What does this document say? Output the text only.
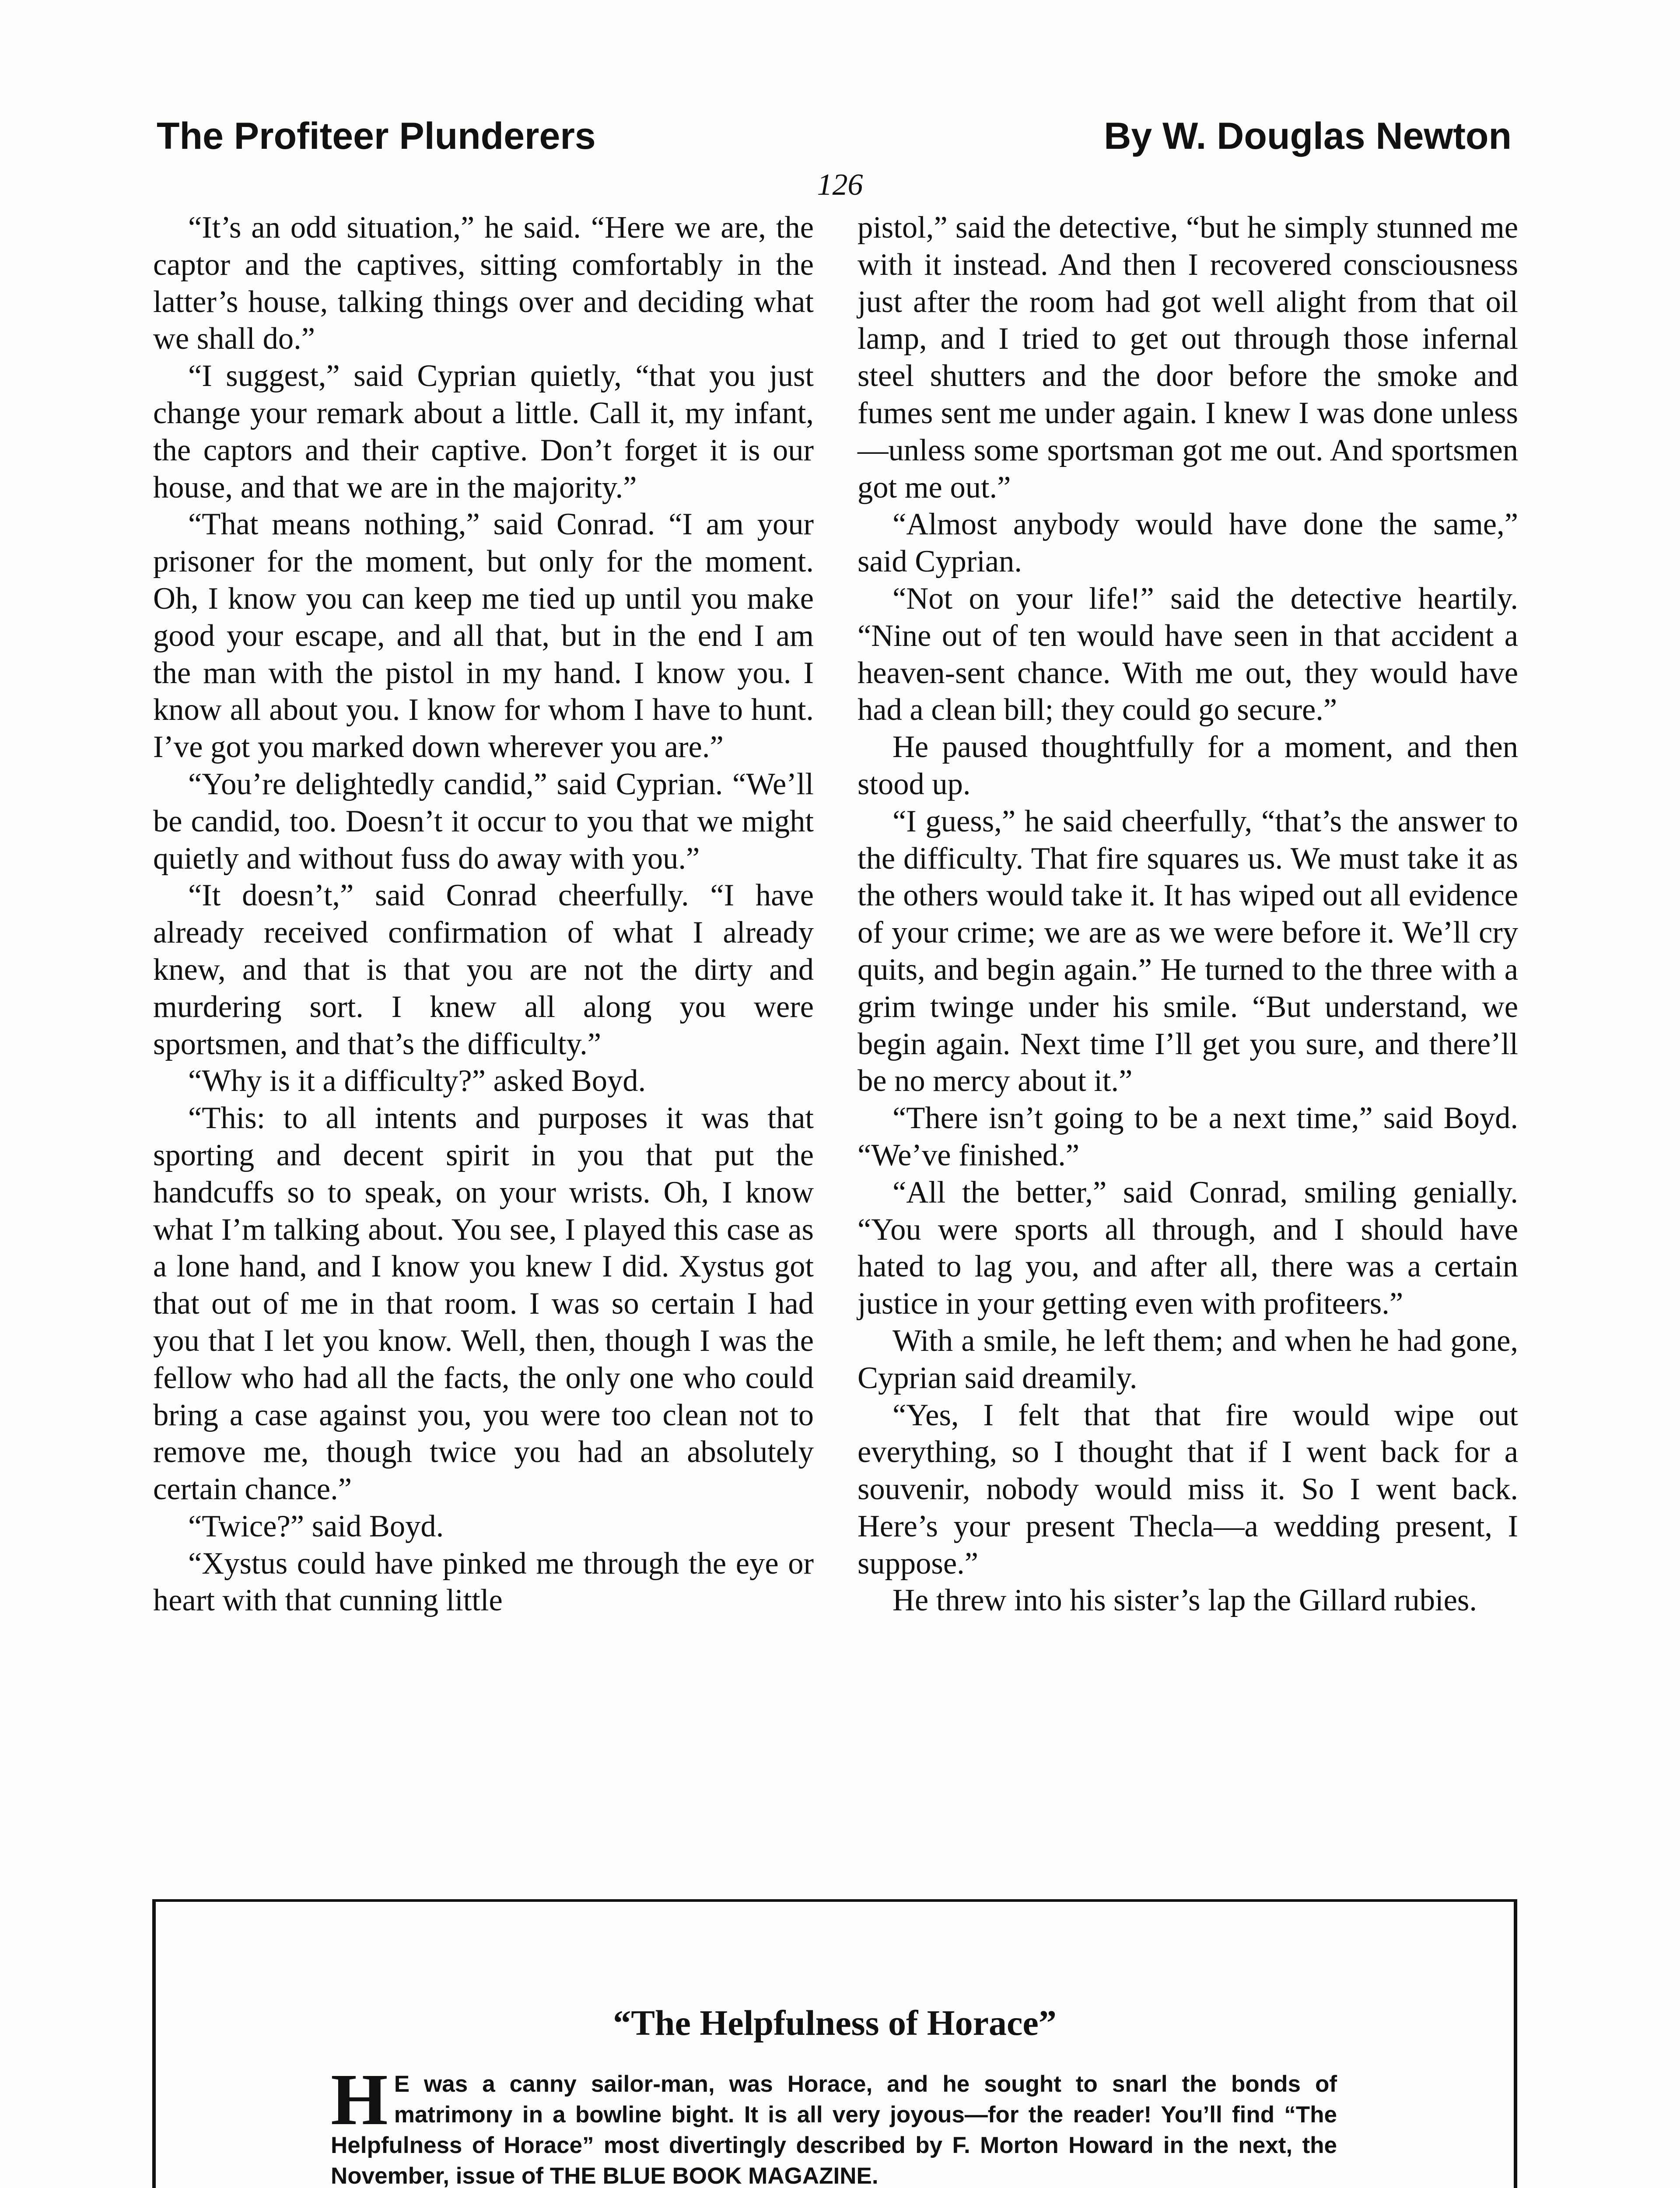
The Profiteer Plunderers	By W. Douglas Newton
126

“It’s an odd situation,” he said. “Here we are, the captor and the captives, sitting comfortably in the latter’s house, talking things over and deciding what we shall do.”

“I suggest,” said Cyprian quietly, “that you just change your remark about a little. Call it, my infant, the captors and their captive. Don’t forget it is our house, and that we are in the majority.”

“That means nothing,” said Conrad. “I am your prisoner for the moment, but only for the moment. Oh, I know you can keep me tied up until you make good your escape, and all that, but in the end I am the man with the pistol in my hand. I know you. I know all about you. I know for whom I have to hunt. I’ve got you marked down wherever you are.”

“You’re delightedly candid,” said Cyprian. “We’ll be candid, too. Doesn’t it occur to you that we might quietly and without fuss do away with you.”

“It doesn’t,” said Conrad cheerfully. “I have already received confirmation of what I already knew, and that is that you are not the dirty and murdering sort. I knew all along you were sportsmen, and that’s the difficulty.”

“Why is it a difficulty?” asked Boyd.

“This: to all intents and purposes it was that sporting and decent spirit in you that put the handcuffs so to speak, on your wrists. Oh, I know what I’m talking about. You see, I played this case as a lone hand, and I know you knew I did. Xystus got that out of me in that room. I was so certain I had you that I let you know. Well, then, though I was the fellow who had all the facts, the only one who could bring a case against you, you were too clean not to remove me, though twice you had an absolutely certain chance.”

“Twice?” said Boyd.

“Xystus could have pinked me through the eye or heart with that cunning little

pistol,” said the detective, “but he simply stunned me with it instead. And then I recovered consciousness just after the room had got well alight from that oil lamp, and I tried to get out through those infernal steel shutters and the door before the smoke and fumes sent me under again. I knew I was done unless—unless some sportsman got me out. And sportsmen got me out.”

“Almost anybody would have done the same,” said Cyprian.

“Not on your life!” said the detective heartily. “Nine out of ten would have seen in that accident a heaven-sent chance. With me out, they would have had a clean bill; they could go secure.”

He paused thoughtfully for a moment, and then stood up.

“I guess,” he said cheerfully, “that’s the answer to the difficulty. That fire squares us. We must take it as the others would take it. It has wiped out all evidence of your crime; we are as we were before it. We’ll cry quits, and begin again.” He turned to the three with a grim twinge under his smile. “But understand, we begin again. Next time I’ll get you sure, and there’ll be no mercy about it.”

“There isn’t going to be a next time,” said Boyd. “We’ve finished.”

“All the better,” said Conrad, smiling genially. “You were sports all through, and I should have hated to lag you, and after all, there was a certain justice in your getting even with profiteers.”

With a smile, he left them; and when he had gone, Cyprian said dreamily.

“Yes, I felt that that fire would wipe out everything, so I thought that if I went back for a souvenir, nobody would miss it. So I went back. Here’s your present Thecla—a wedding present, I suppose.”

He threw into his sister’s lap the Gillard rubies.

“The Helpfulness of Horace”

H E was a canny sailor-man, was Horace, and he sought to snarl the bonds of matrimony in a bowline bight. It is all very joyous—for the reader! You’ll find “The Helpfulness of Horace” most divertingly described by F. Morton Howard in the next, the November, issue of THE BLUE BOOK MAGAZINE.
